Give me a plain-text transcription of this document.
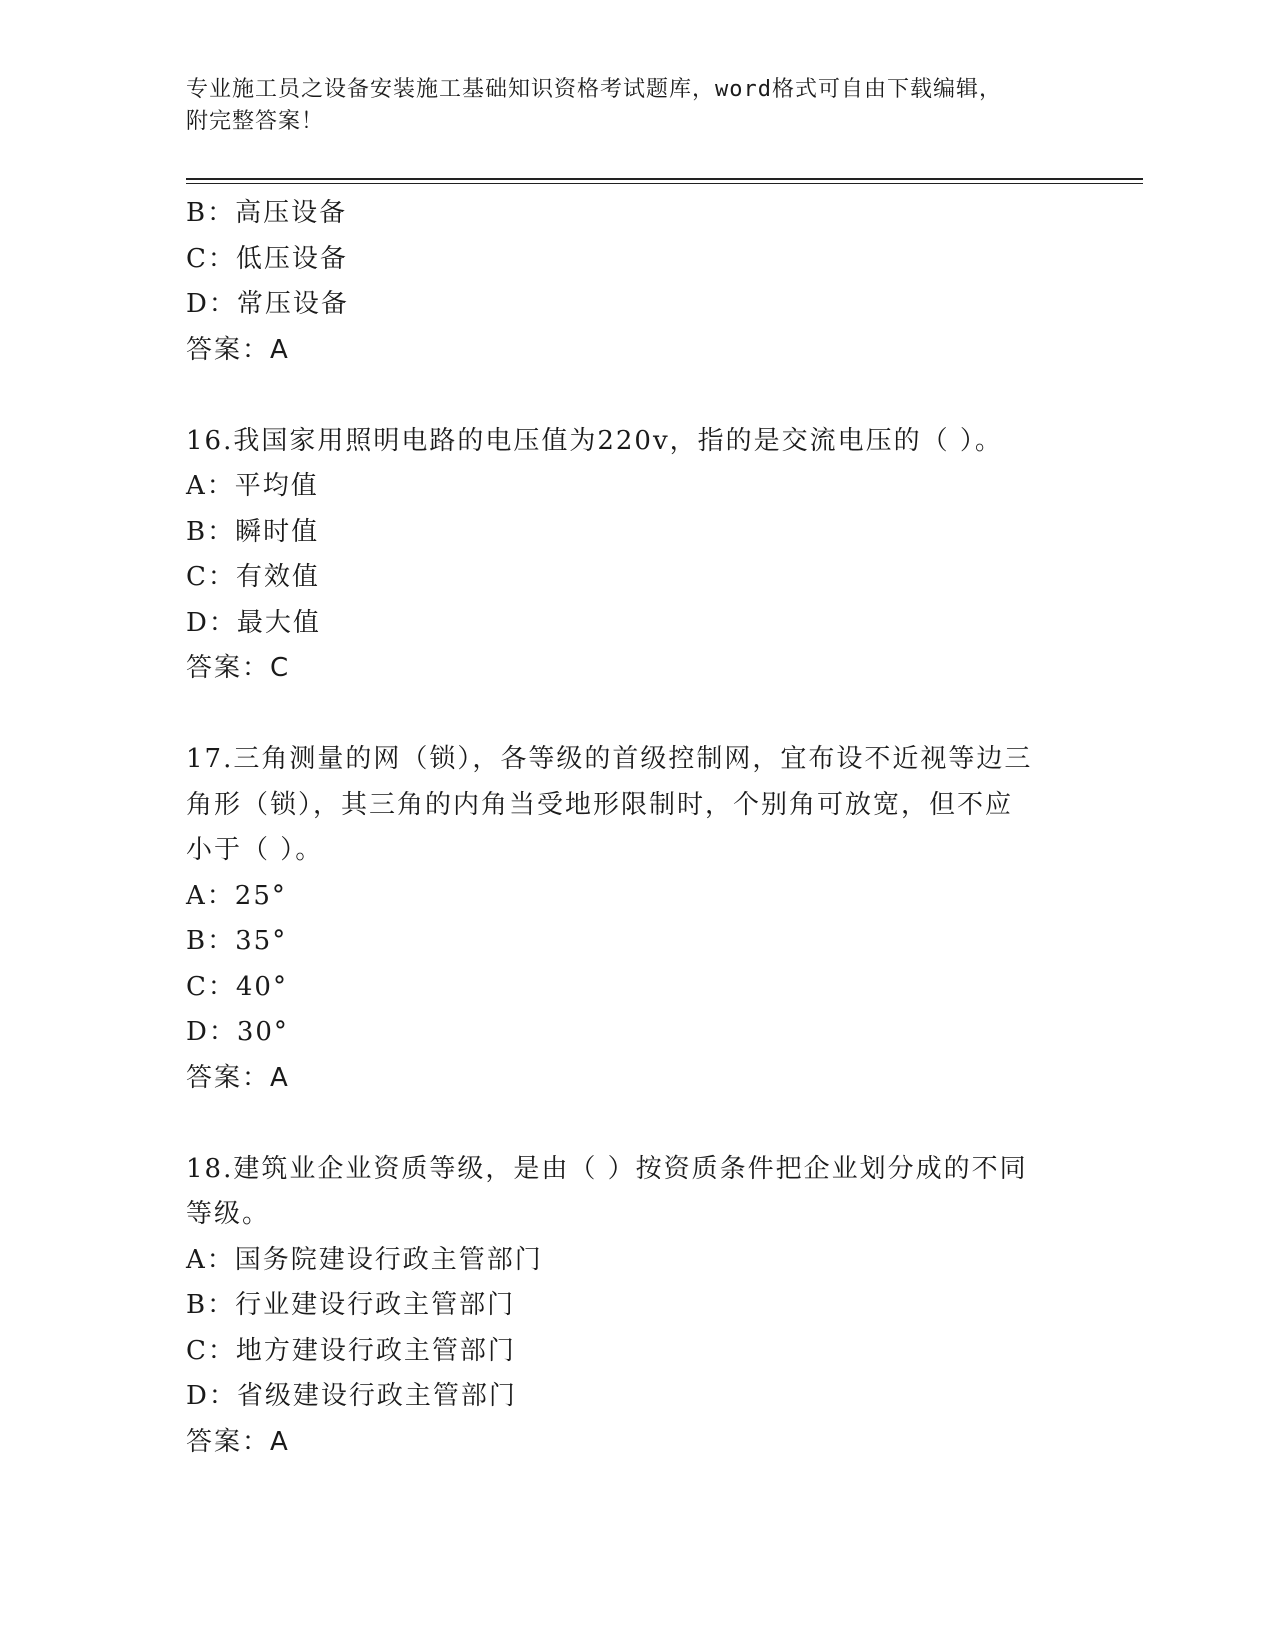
专业施工员之设备安装施工基础知识资格考试题库，word格式可自由下载编辑，
附完整答案！
B：高压设备
C：低压设备
D：常压设备
答案：A
16.我国家用照明电路的电压值为220v，指的是交流电压的（ ）。
A：平均值
B：瞬时值
C：有效值
D：最大值
答案：C
17.三角测量的网（锁），各等级的首级控制网，宜布设不近视等边三
角形（锁），其三角的内角当受地形限制时，个别角可放宽，但不应
小于（ ）。
A：25°
B：35°
C：40°
D：30°
答案：A
18.建筑业企业资质等级，是由（ ）按资质条件把企业划分成的不同
等级。
A：国务院建设行政主管部门
B：行业建设行政主管部门
C：地方建设行政主管部门
D：省级建设行政主管部门
答案：A
